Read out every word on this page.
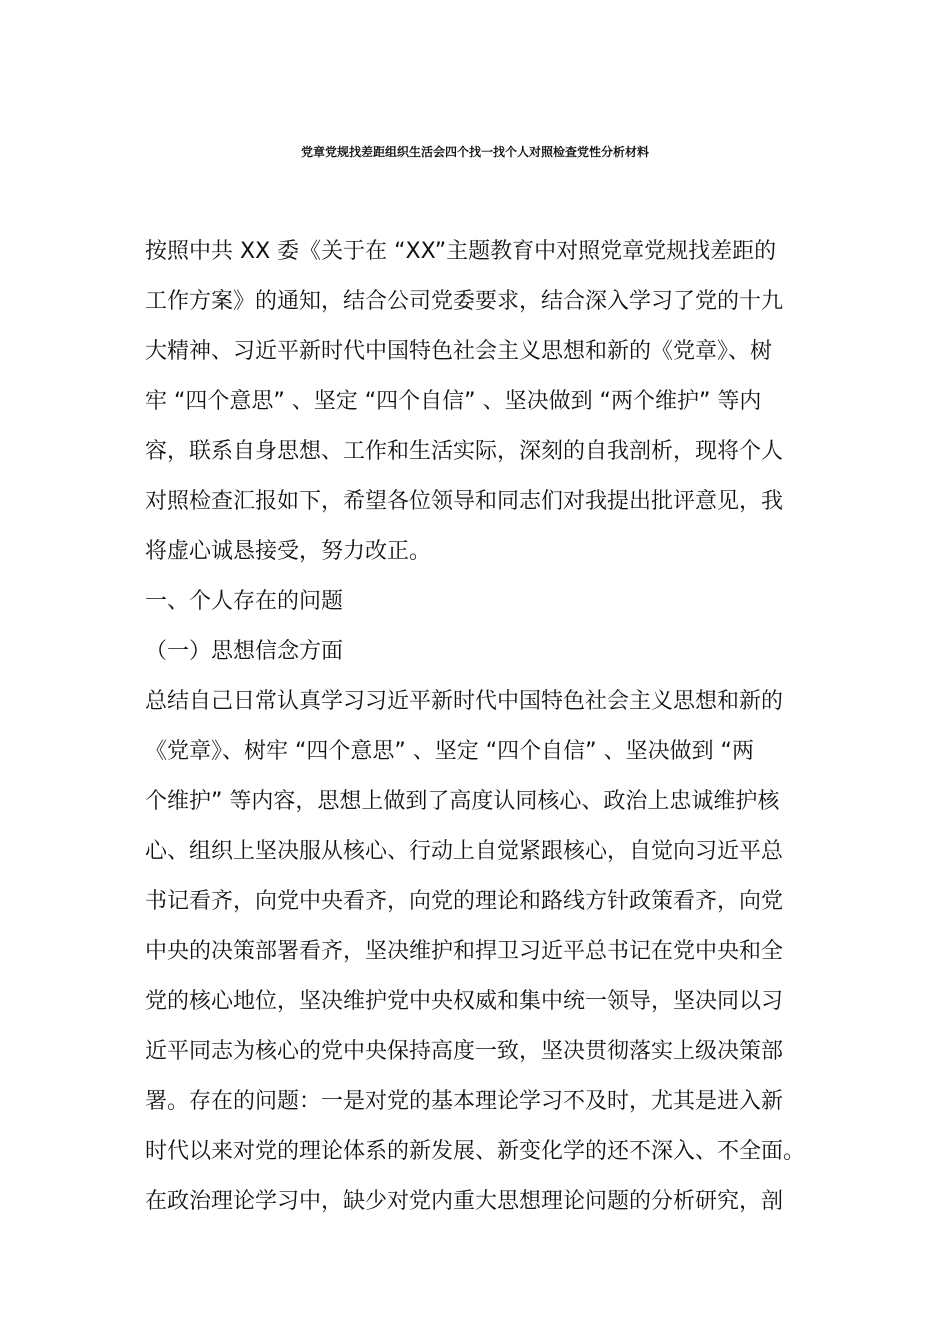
党章党规找差距组织生活会四个找一找个人对照检查党性分析材料
按照中共 XX 委《关于在 “XX”主题教育中对照党章党规找差距的
工作方案》的通知，结合公司党委要求，结合深入学习了党的十九
大精神、习近平新时代中国特色社会主义思想和新的《党章》、树
牢 “四个意思” 、坚定 “四个自信” 、坚决做到 “两个维护” 等内
容，联系自身思想、工作和生活实际，深刻的自我剖析，现将个人
对照检查汇报如下，希望各位领导和同志们对我提出批评意见，我
将虚心诚恳接受，努力改正。
一、个人存在的问题
（一）思想信念方面
总结自己日常认真学习习近平新时代中国特色社会主义思想和新的
《党章》、树牢 “四个意思” 、坚定 “四个自信” 、坚决做到 “两
个维护” 等内容，思想上做到了高度认同核心、政治上忠诚维护核
心、组织上坚决服从核心、行动上自觉紧跟核心，自觉向习近平总
书记看齐，向党中央看齐，向党的理论和路线方针政策看齐，向党
中央的决策部署看齐，坚决维护和捍卫习近平总书记在党中央和全
党的核心地位，坚决维护党中央权威和集中统一领导，坚决同以习
近平同志为核心的党中央保持高度一致，坚决贯彻落实上级决策部
署。存在的问题：一是对党的基本理论学习不及时，尤其是进入新
时代以来对党的理论体系的新发展、新变化学的还不深入、不全面。
在政治理论学习中，缺少对党内重大思想理论问题的分析研究，剖
